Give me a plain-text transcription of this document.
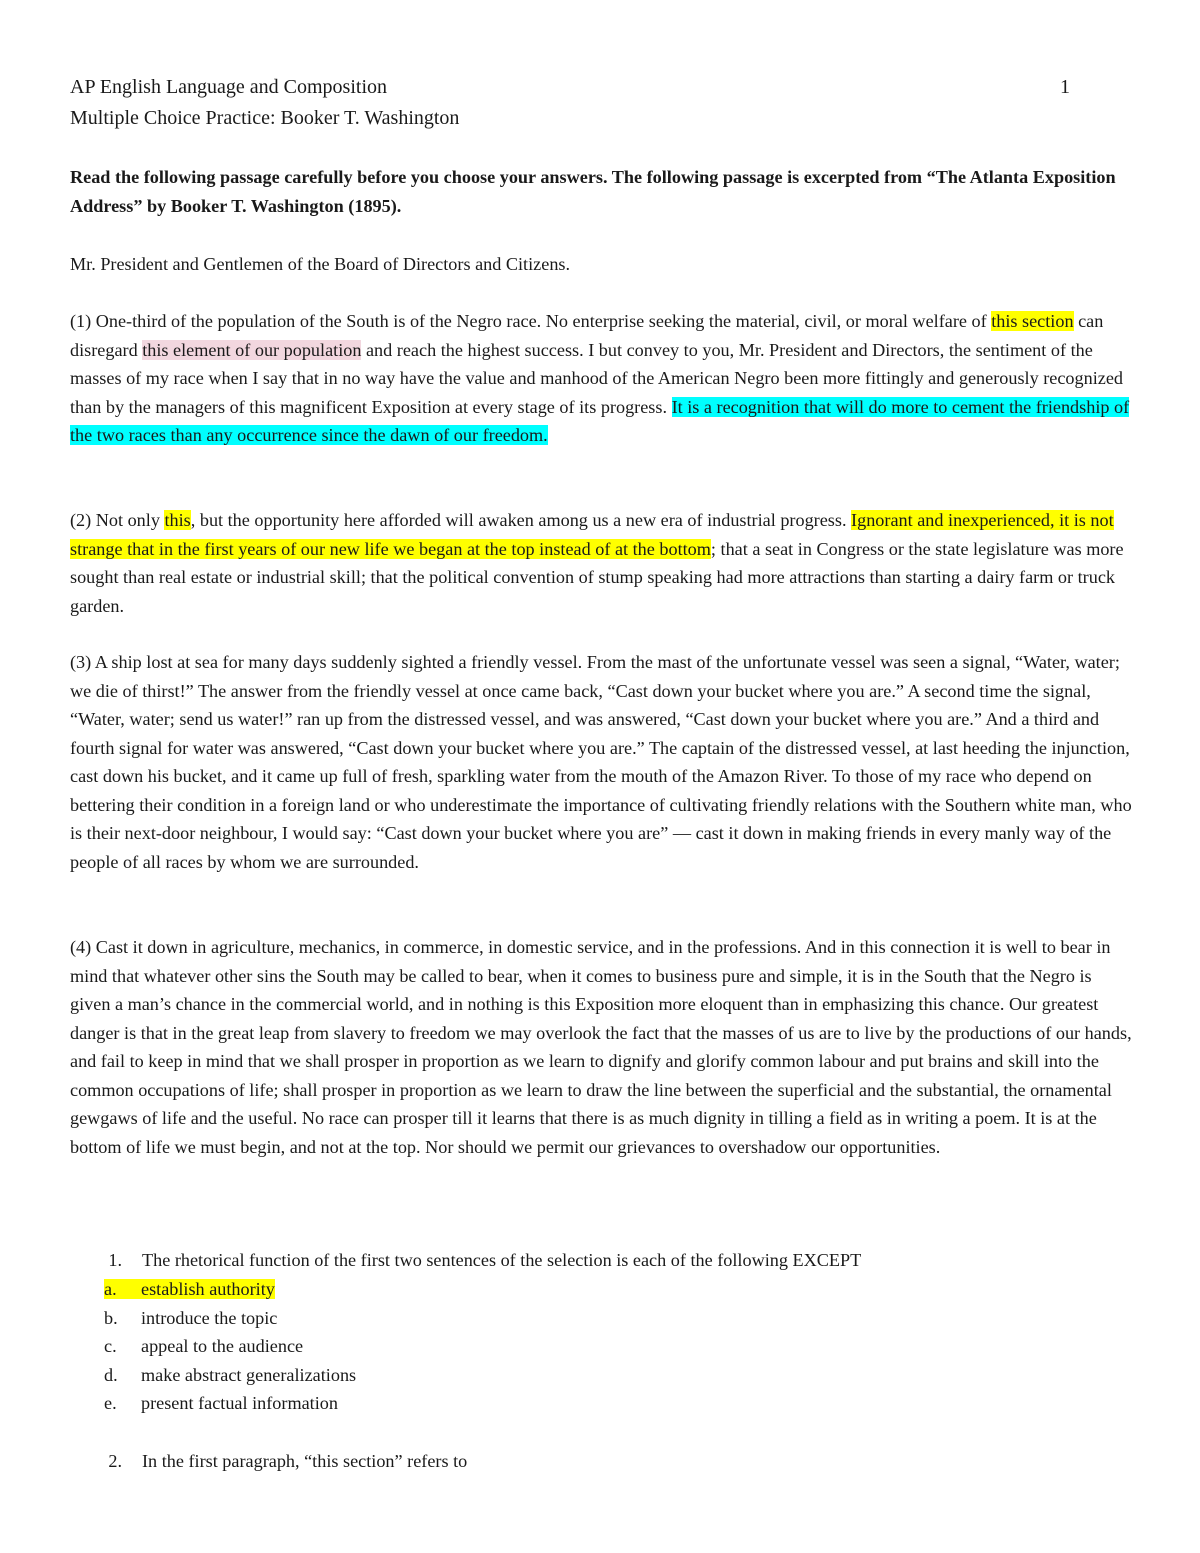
AP English Language and Composition
Multiple Choice Practice: Booker T. Washington
1
Read the following passage carefully before you choose your answers. The following passage is excerpted from “The Atlanta Exposition Address” by Booker T. Washington (1895).
Mr. President and Gentlemen of the Board of Directors and Citizens.
(1) One-third of the population of the South is of the Negro race. No enterprise seeking the material, civil, or moral welfare of this section can disregard this element of our population and reach the highest success. I but convey to you, Mr. President and Directors, the sentiment of the masses of my race when I say that in no way have the value and manhood of the American Negro been more fittingly and generously recognized than by the managers of this magnificent Exposition at every stage of its progress. It is a recognition that will do more to cement the friendship of the two races than any occurrence since the dawn of our freedom.
(2) Not only this, but the opportunity here afforded will awaken among us a new era of industrial progress. Ignorant and inexperienced, it is not strange that in the first years of our new life we began at the top instead of at the bottom; that a seat in Congress or the state legislature was more sought than real estate or industrial skill; that the political convention of stump speaking had more attractions than starting a dairy farm or truck garden.
(3) A ship lost at sea for many days suddenly sighted a friendly vessel. From the mast of the unfortunate vessel was seen a signal, “Water, water; we die of thirst!” The answer from the friendly vessel at once came back, “Cast down your bucket where you are.” A second time the signal, “Water, water; send us water!” ran up from the distressed vessel, and was answered, “Cast down your bucket where you are.” And a third and fourth signal for water was answered, “Cast down your bucket where you are.” The captain of the distressed vessel, at last heeding the injunction, cast down his bucket, and it came up full of fresh, sparkling water from the mouth of the Amazon River. To those of my race who depend on bettering their condition in a foreign land or who underestimate the importance of cultivating friendly relations with the Southern white man, who is their next-door neighbour, I would say: “Cast down your bucket where you are” — cast it down in making friends in every manly way of the people of all races by whom we are surrounded.
(4) Cast it down in agriculture, mechanics, in commerce, in domestic service, and in the professions. And in this connection it is well to bear in mind that whatever other sins the South may be called to bear, when it comes to business pure and simple, it is in the South that the Negro is given a man’s chance in the commercial world, and in nothing is this Exposition more eloquent than in emphasizing this chance. Our greatest danger is that in the great leap from slavery to freedom we may overlook the fact that the masses of us are to live by the productions of our hands, and fail to keep in mind that we shall prosper in proportion as we learn to dignify and glorify common labour and put brains and skill into the common occupations of life; shall prosper in proportion as we learn to draw the line between the superficial and the substantial, the ornamental gewgaws of life and the useful. No race can prosper till it learns that there is as much dignity in tilling a field as in writing a poem. It is at the bottom of life we must begin, and not at the top. Nor should we permit our grievances to overshadow our opportunities.
1. The rhetorical function of the first two sentences of the selection is each of the following EXCEPT
a. establish authority
b. introduce the topic
c. appeal to the audience
d. make abstract generalizations
e. present factual information
2. In the first paragraph, “this section” refers to
